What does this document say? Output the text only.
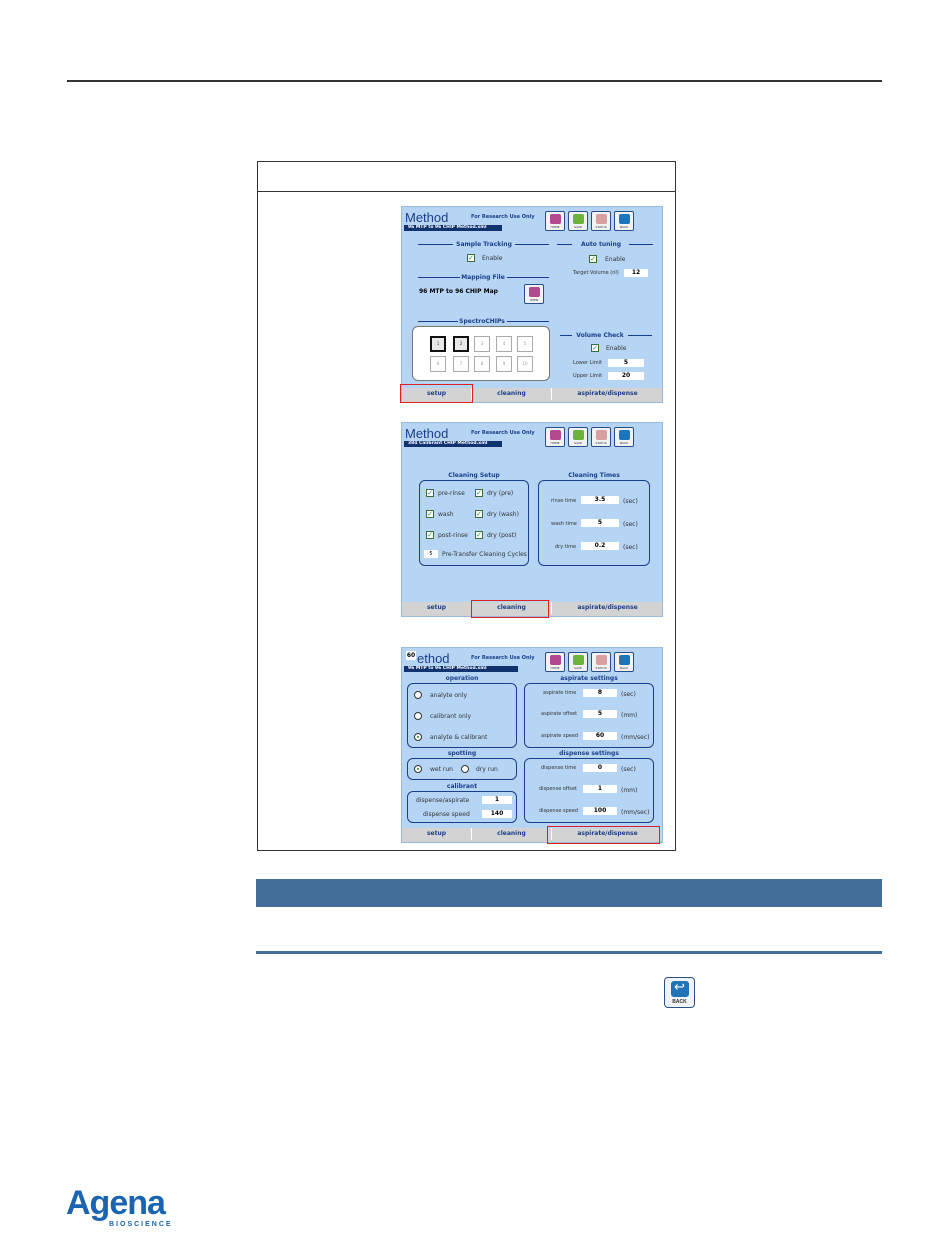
Method	For Research Use Only
96 MTP to 96 CHIP Method.xml	HOME	SAVE	STATUS	BACK
Sample Tracking
✓ Enable
Auto tuning
✓ Enable
Target Volume (nl)	12
Mapping File
96 MTP to 96 CHIP Map
OPEN
SpectroCHIPs
1	2	3	4	5
6	7	8	9	10
Volume Check
✓ Enable
Lower Limit	5
Upper Limit	20
setup	cleaning	aspirate/dispense
Method	For Research Use Only
384 Calibrant CHIP Method.xml	HOME	SAVE	STATUS	BACK
Cleaning Setup
✓ pre-rinse ✓ dry (pre)
✓ wash	✓ dry (wash)
✓ post-rinse ✓ dry (post)
5	Pre-Transfer Cleaning Cycles
Cleaning Times
rinse time	3.5	(sec)
wash time	5	(sec)
dry time	0.2	(sec)
setup	cleaning	aspirate/dispense
60 ethod	For Research Use Only
96 MTP to 96 CHIP Method.xml	HOME	SAVE	STATUS	BACK
operation
analyte only
calibrant only
analyte & calibrant
spotting
wet run	dry run
calibrant
dispense/aspirate	1
dispense speed	140
aspirate settings
aspirate time	8	(sec)
aspirate offset	5	(mm)
aspirate speed	60	(mm/sec)
dispense settings
dispense time	0	(sec)
dispense offset	1	(mm)
dispense speed	100	(mm/sec)
setup	cleaning	aspirate/dispense
↩
BACK
Agena
BIOSCIENCE
